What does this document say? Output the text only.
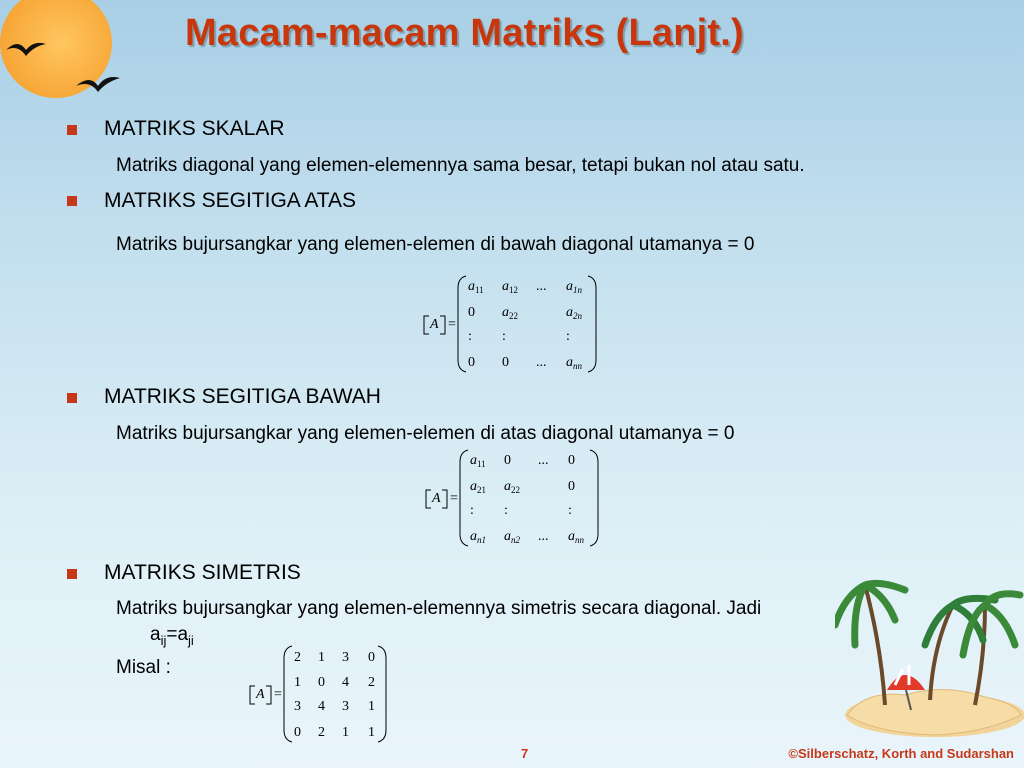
Macam-macam Matriks (Lanjt.)
MATRIKS SKALAR
Matriks diagonal yang elemen-elemennya sama besar, tetapi bukan nol atau satu.
MATRIKS SEGITIGA ATAS
Matriks bujursangkar yang elemen-elemen di bawah diagonal utamanya = 0
A =
$a_{11}$ $a_{12}$ ... $a_{1n}$
0 $a_{22}$	$a_{2n}$
: :	:
0 0 ... $a_{nn}$
MATRIKS SEGITIGA BAWAH
Matriks bujursangkar yang elemen-elemen di atas diagonal utamanya = 0
A =
$a_{11}$ 0 ... 0
$a_{21}$ $a_{22}$	0
: :	:
$a_{n1}$ $a_{n2}$ ... $a_{nn}$
MATRIKS SIMETRIS
Matriks bujursangkar yang elemen-elemennya simetris secara diagonal. Jadi
$a_{ij}=a_{ji}$
Misal :
A =
2 1 3 0
1 0 4 2
3 4 3 1
0 2 1 1
7	©Silberschatz, Korth and Sudarshan
